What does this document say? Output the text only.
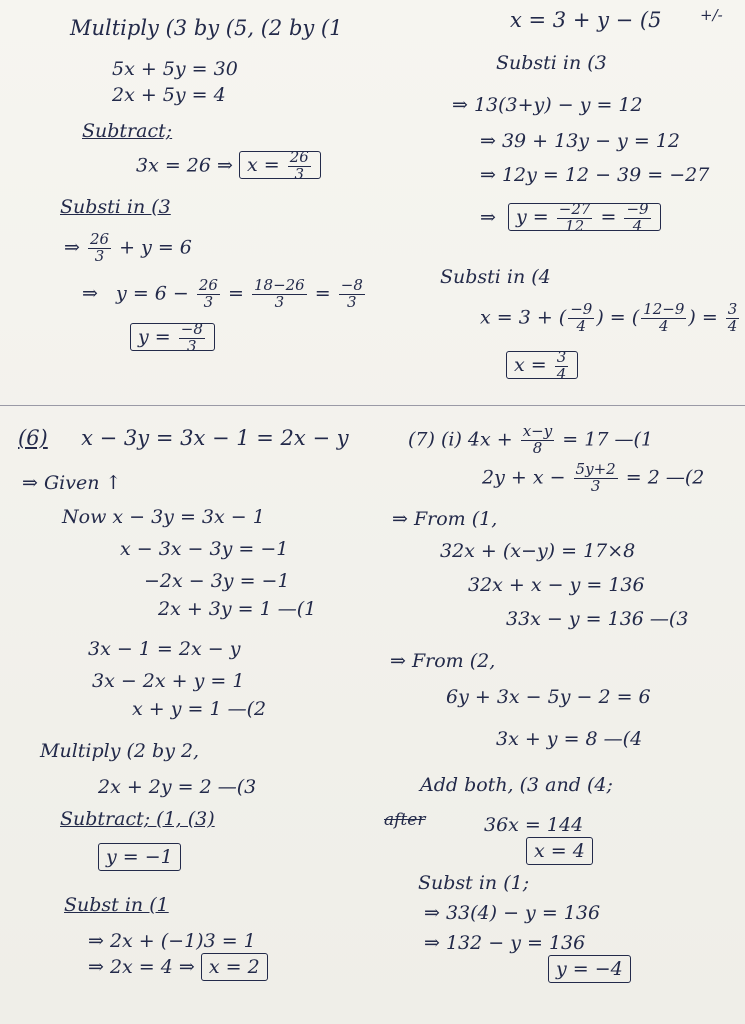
Multiply (3 by (5, (2 by (1
5x + 5y = 30
2x + 5y = 4
Subtract;
3x = 26 ⇒ $x = \frac{26}{3}$
Substi in (3
⇒ $\frac{26}{3} + y = 6$
⇒ $y = 6 - \frac{26}{3} = \frac{18-26}{3} = \frac{-8}{3}$
$y = \frac{-8}{3}$
x = 3 + y − (5	+/-
Substi in (3
⇒ 13(3+y) − y = 12
⇒ 39 + 13y − y = 12
⇒ 12y = 12 − 39 = −27
⇒ $y = \frac{-27}{12} = \frac{-9}{4}$
Substi in (4
x = 3 + ( $\frac{-9}{4}$ ) = ( $\frac{12-9}{4}$ ) = $\frac{3}{4}$
$x = \frac{3}{4}$
(6) x − 3y = 3x − 1 = 2x − y
⇒ Given ↑
Now x − 3y = 3x − 1
x − 3x − 3y = −1
−2x − 3y = −1
2x + 3y = 1 —(1
3x − 1 = 2x − y
3x − 2x + y = 1
x + y = 1 —(2
Multiply (2 by 2,
2x + 2y = 2 —(3
Subtract; (1, (3)
y = −1
Subst in (1
⇒ 2x + (−1)3 = 1
⇒ 2x = 4 ⇒ x = 2
(7) (i) $4x + \frac{x-y}{8} = 17$ —(1
$2y + x - \frac{5y+2}{3} = 2$ —(2
⇒ From (1,
32x + (x−y) = 17×8
32x + x − y = 136
33x − y = 136 —(3
⇒ From (2,
6y + 3x − 5y − 2 = 6
3x + y = 8 —(4
Add both, (3 and (4;
after	36x = 144
x = 4
Subst in (1;
⇒ 33(4) − y = 136
⇒ 132 − y = 136
y = −4
